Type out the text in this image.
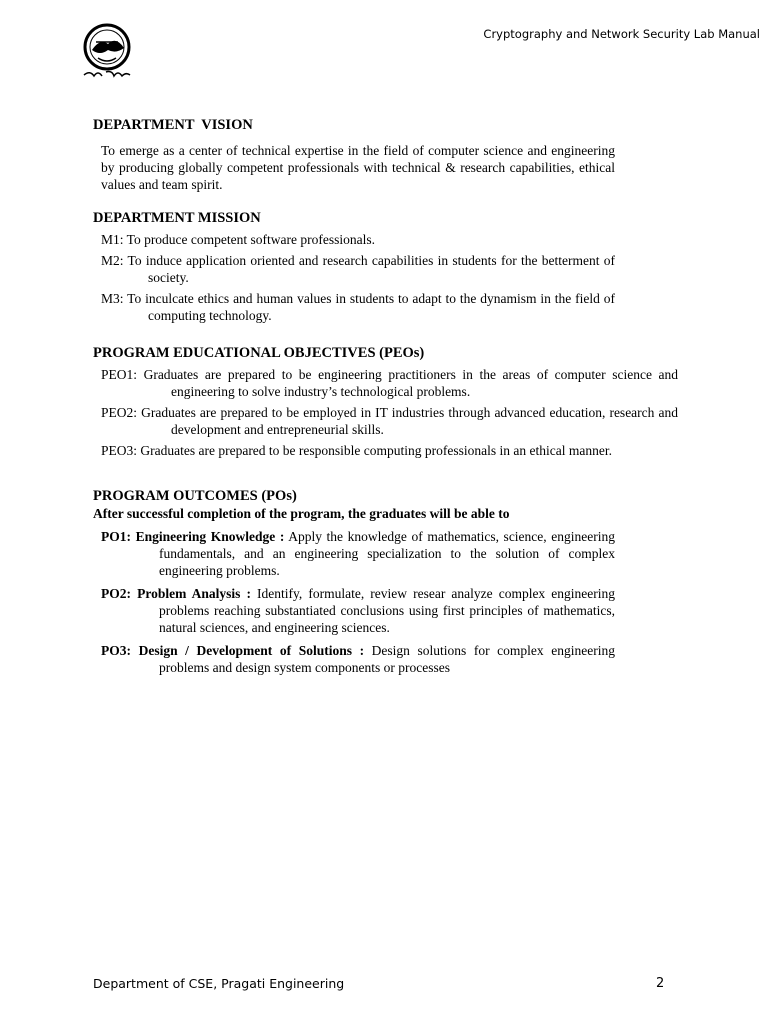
Cryptography and Network Security Lab Manual
DEPARTMENT  VISION

To emerge as a center of technical expertise in the field of computer science and engineering by producing globally competent professionals with technical & research capabilities, ethical values and team spirit.

DEPARTMENT MISSION

M1: To produce competent software professionals.

M2: To induce application oriented and research capabilities in students for the betterment of society.

M3: To inculcate ethics and human values in students to adapt to the dynamism in the field of computing technology.

PROGRAM EDUCATIONAL OBJECTIVES (PEOs)

PEO1: Graduates are prepared to be engineering practitioners in the areas of computer science and engineering to solve industry’s technological problems.

PEO2: Graduates are prepared to be employed in IT industries through advanced education, research and development and entrepreneurial skills.

PEO3: Graduates are prepared to be responsible computing professionals in an ethical manner.

PROGRAM OUTCOMES (POs)

After successful completion of the program, the graduates will be able to

PO1: Engineering Knowledge : Apply the knowledge of mathematics, science, engineering fundamentals, and an engineering specialization to the solution of complex engineering problems.

PO2: Problem Analysis : Identify, formulate, review resear analyze complex engineering problems reaching substantiated conclusions using first principles of mathematics, natural sciences, and engineering sciences.

PO3: Design / Development of Solutions : Design solutions for complex engineering problems and design system components or processes

Department of CSE, Pragati Engineering	2
